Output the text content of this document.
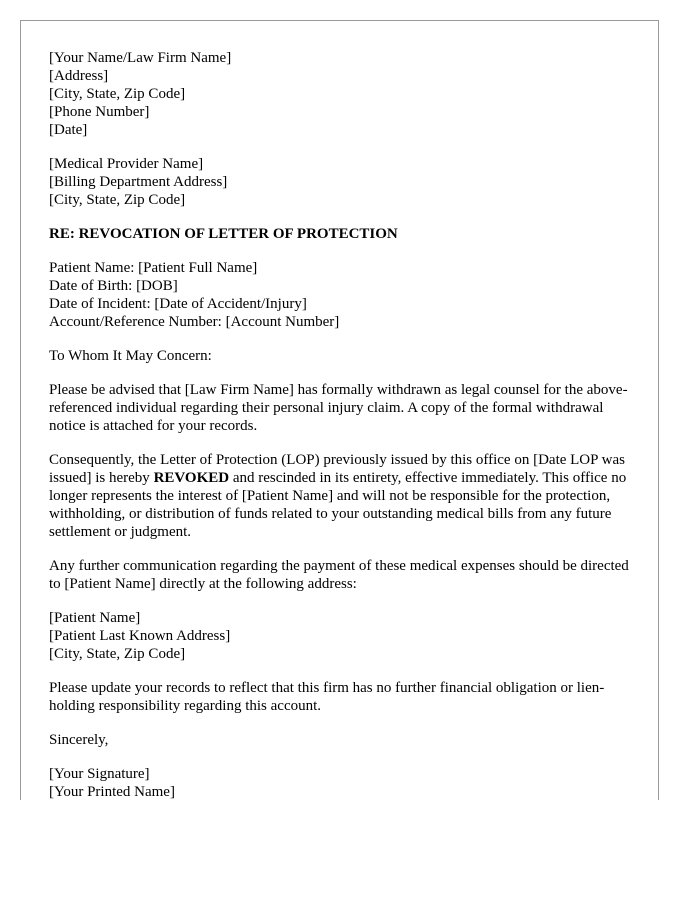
[Your Name/Law Firm Name]
[Address]
[City, State, Zip Code]
[Phone Number]
[Date]
[Medical Provider Name]
[Billing Department Address]
[City, State, Zip Code]
RE: REVOCATION OF LETTER OF PROTECTION
Patient Name: [Patient Full Name]
Date of Birth: [DOB]
Date of Incident: [Date of Accident/Injury]
Account/Reference Number: [Account Number]
To Whom It May Concern:
Please be advised that [Law Firm Name] has formally withdrawn as legal counsel for the above-referenced individual regarding their personal injury claim. A copy of the formal withdrawal notice is attached for your records.
Consequently, the Letter of Protection (LOP) previously issued by this office on [Date LOP was issued] is hereby REVOKED and rescinded in its entirety, effective immediately. This office no longer represents the interest of [Patient Name] and will not be responsible for the protection, withholding, or distribution of funds related to your outstanding medical bills from any future settlement or judgment.
Any further communication regarding the payment of these medical expenses should be directed to [Patient Name] directly at the following address:
[Patient Name]
[Patient Last Known Address]
[City, State, Zip Code]
Please update your records to reflect that this firm has no further financial obligation or lien-holding responsibility regarding this account.
Sincerely,
[Your Signature]
[Your Printed Name]
